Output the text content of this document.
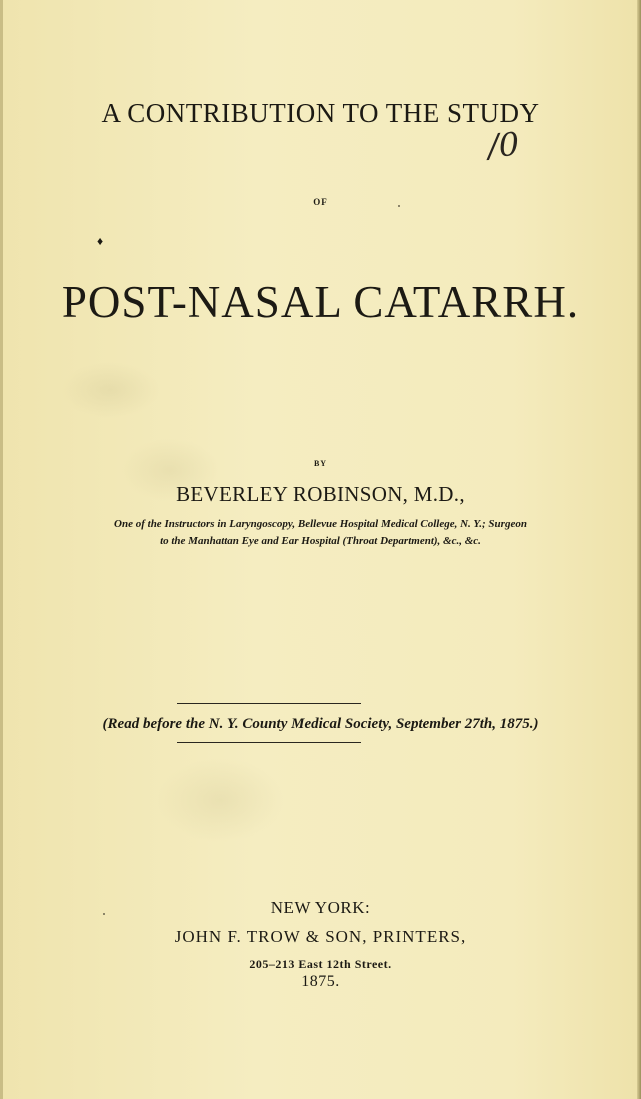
A CONTRIBUTION TO THE STUDY
/0
OF
♦
POST-NASAL CATARRH.
BY
BEVERLEY ROBINSON, M.D.,
One of the Instructors in Laryngoscopy, Bellevue Hospital Medical College, N. Y.; Surgeon
to the Manhattan Eye and Ear Hospital (Throat Department), &c., &c.
(Read before the N. Y. County Medical Society, September 27th, 1875.)
NEW YORK:
JOHN F. TROW & SON, PRINTERS,
205–213 East 12th Street.
1875.
